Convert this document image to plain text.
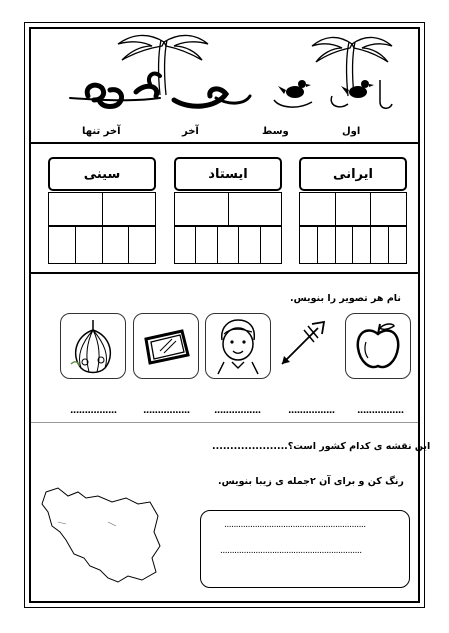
اول
وسط
آخر
آخر تنها
ایرانی
ایستاد
سینی
نام هر تصویر را بنویس.
................
................
................
................
................
این نقشه ی کدام کشور است؟.....................
رنگ کن و برای آن ۲جمله ی زیبا بنویس.
............................................................
............................................................
